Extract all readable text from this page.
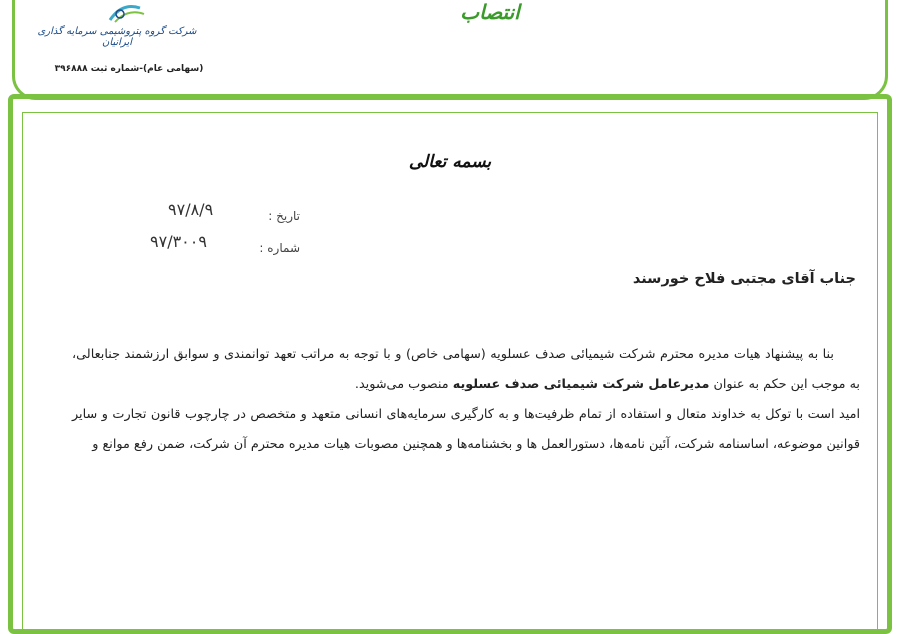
شرکت گروه پتروشیمی سرمایه گذاری ایرانیان
(سهامی عام)-شماره ثبت ۳۹۶۸۸۸
انتصاب
بسمه تعالی
تاریخ :
۹۷/۸/۹
شماره :
۹۷/۳۰۰۹
جناب آقای مجتبی فلاح خورسند

بنا به پیشنهاد هیات مدیره محترم شرکت شیمیائی صدف عسلویه (سهامی خاص) و با توجه به مراتب تعهد توانمندی و سوابق ارزشمند جنابعالی، به موجب این حکم به عنوان مدیرعامل شرکت شیمیائی صدف عسلویه منصوب می‌شوید.

امید است با توکل به خداوند متعال و استفاده از تمام ظرفیت‌ها و به کارگیری سرمایه‌های انسانی متعهد و متخصص در چارچوب قانون تجارت و سایر قوانین موضوعه، اساسنامه شرکت، آئین نامه‌ها، دستورالعمل ها و بخشنامه‌ها و همچنین مصوبات هیات مدیره محترم آن شرکت، ضمن رفع موانع و
